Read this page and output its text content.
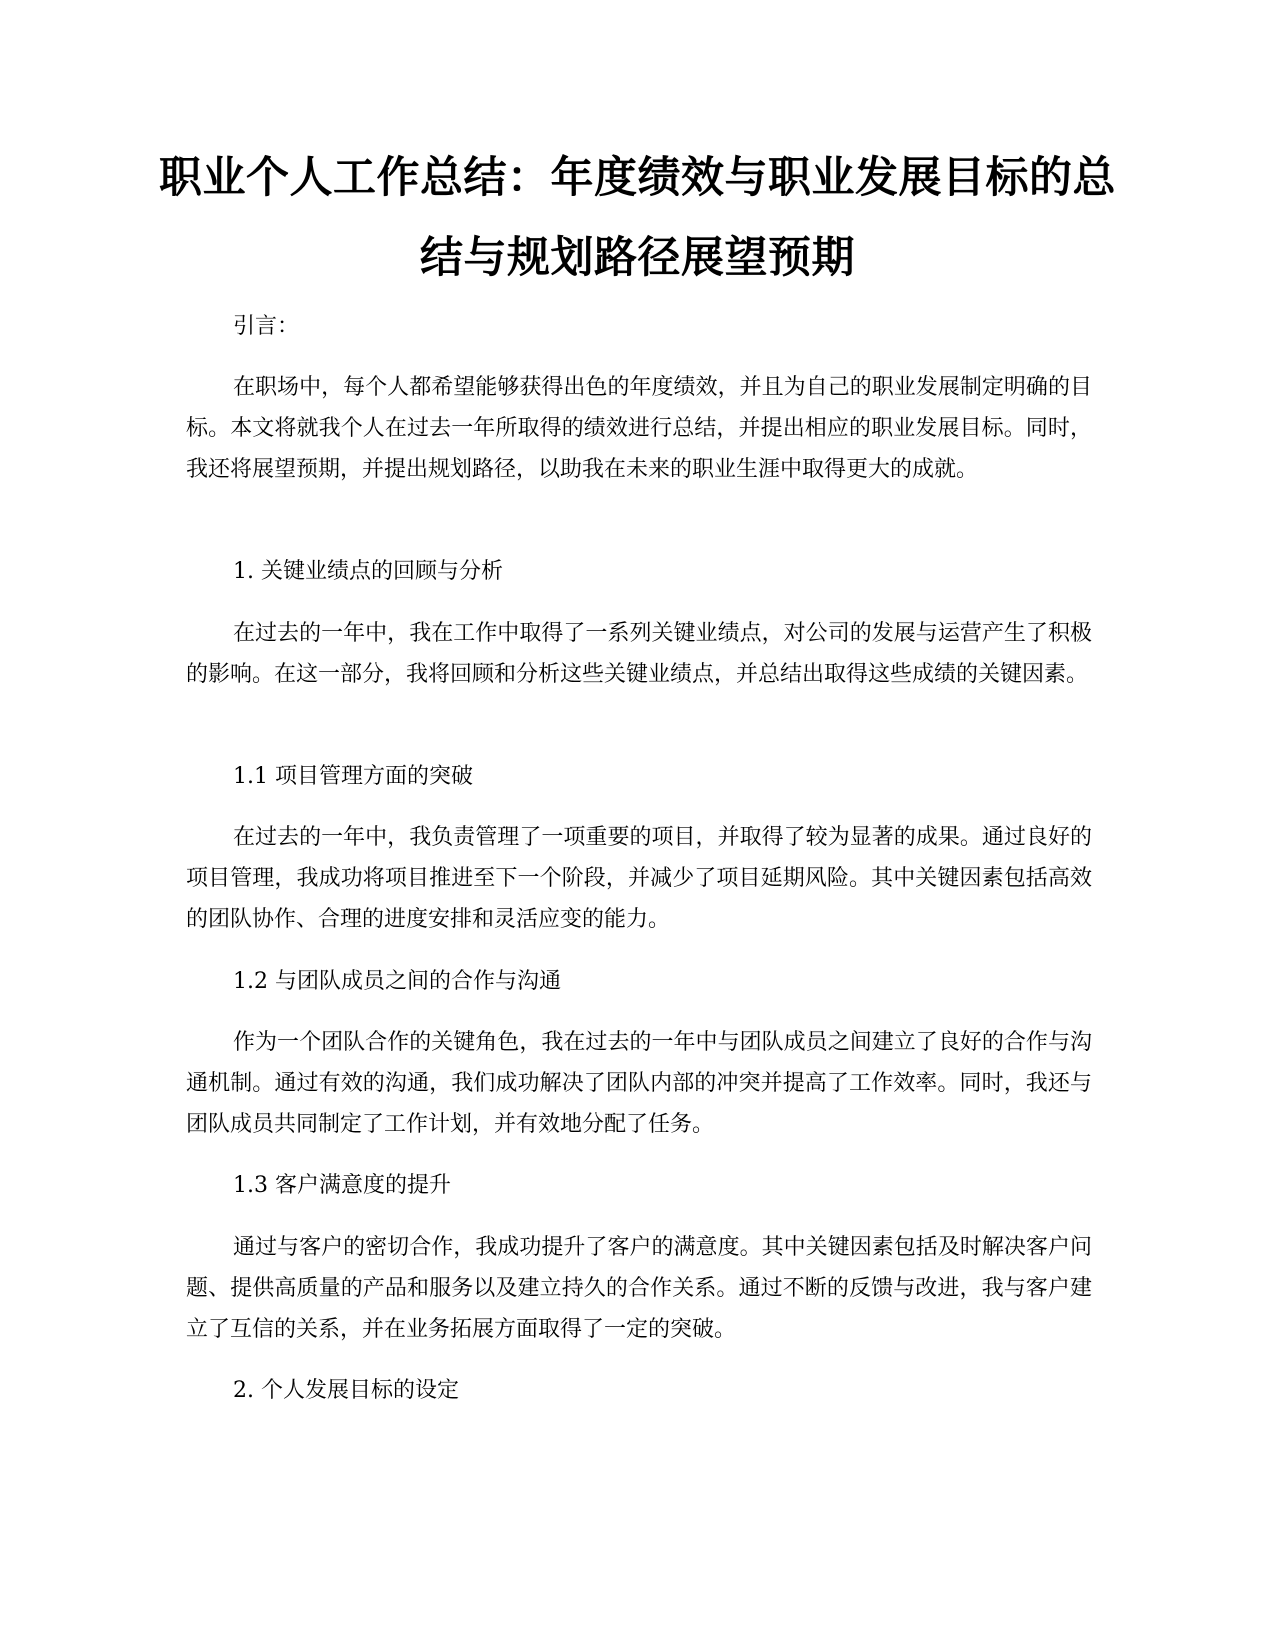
职业个人工作总结：年度绩效与职业发展目标的总结与规划路径展望预期

引言：

在职场中，每个人都希望能够获得出色的年度绩效，并且为自己的职业发展制定明确的目标。本文将就我个人在过去一年所取得的绩效进行总结，并提出相应的职业发展目标。同时，我还将展望预期，并提出规划路径，以助我在未来的职业生涯中取得更大的成就。

1. 关键业绩点的回顾与分析

在过去的一年中，我在工作中取得了一系列关键业绩点，对公司的发展与运营产生了积极的影响。在这一部分，我将回顾和分析这些关键业绩点，并总结出取得这些成绩的关键因素。

1.1 项目管理方面的突破

在过去的一年中，我负责管理了一项重要的项目，并取得了较为显著的成果。通过良好的项目管理，我成功将项目推进至下一个阶段，并减少了项目延期风险。其中关键因素包括高效的团队协作、合理的进度安排和灵活应变的能力。

1.2 与团队成员之间的合作与沟通

作为一个团队合作的关键角色，我在过去的一年中与团队成员之间建立了良好的合作与沟通机制。通过有效的沟通，我们成功解决了团队内部的冲突并提高了工作效率。同时，我还与团队成员共同制定了工作计划，并有效地分配了任务。

1.3 客户满意度的提升

通过与客户的密切合作，我成功提升了客户的满意度。其中关键因素包括及时解决客户问题、提供高质量的产品和服务以及建立持久的合作关系。通过不断的反馈与改进，我与客户建立了互信的关系，并在业务拓展方面取得了一定的突破。

2. 个人发展目标的设定
